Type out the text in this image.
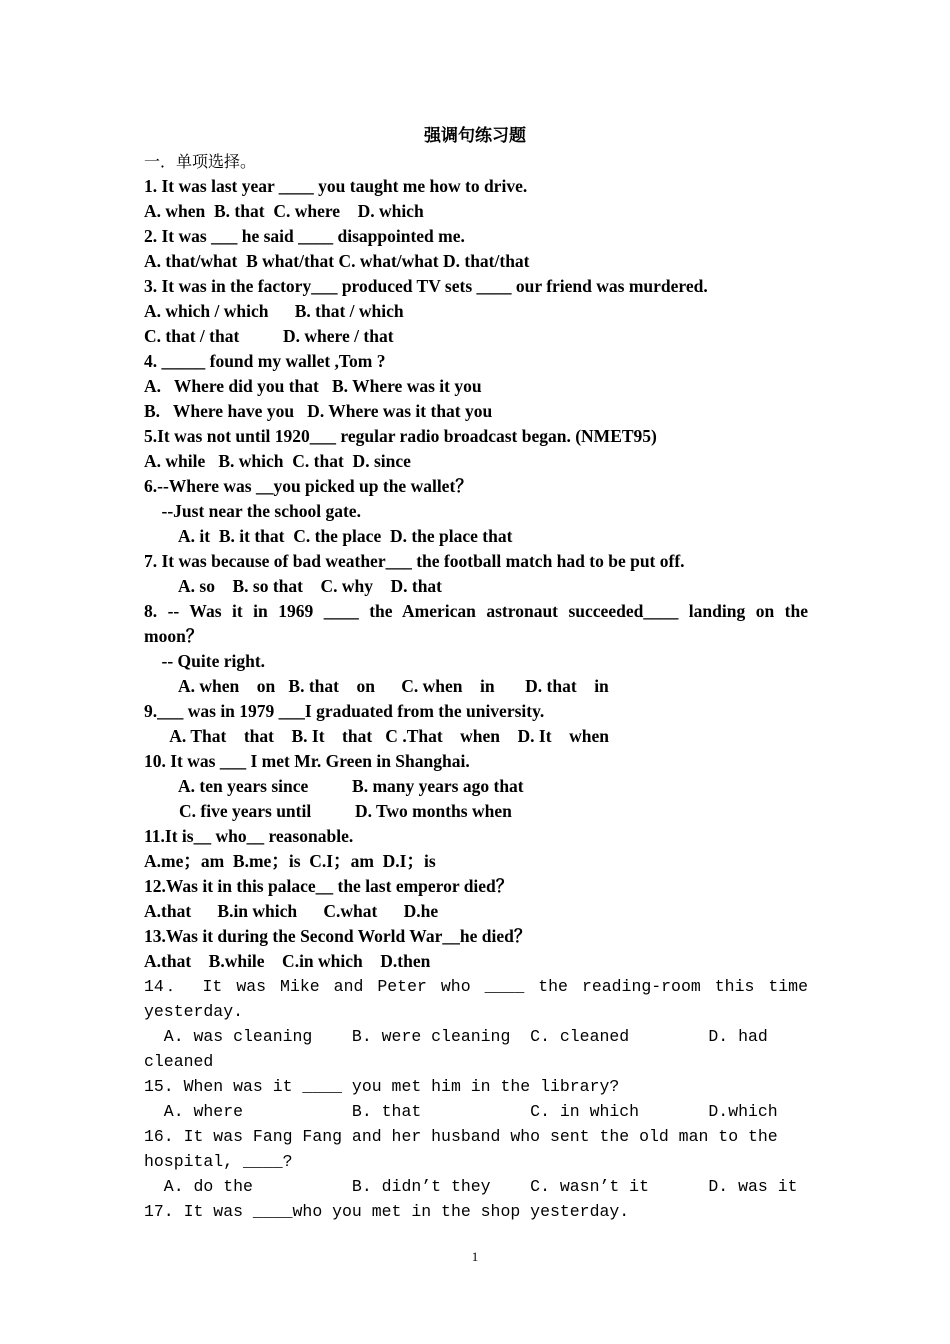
强调句练习题
一．单项选择。
1. It was last year ____ you taught me how to drive.
A. when  B. that  C. where    D. which
2. It was ___ he said ____ disappointed me.
A. that/what  B what/that C. what/what D. that/that
3. It was in the factory___ produced TV sets ____ our friend was murdered.
A. which / which      B. that / which
C. that / that          D. where / that
4. _____ found my wallet ,Tom ?
A.   Where did you that   B. Where was it you
B.   Where have you   D. Where was it that you
5.It was not until 1920___ regular radio broadcast began. (NMET95)
A. while   B. which  C. that  D. since
6.--Where was __you picked up the wallet？
--Just near the school gate.
A. it  B. it that  C. the place  D. the place that
7. It was because of bad weather___ the football match had to be put off.
A. so    B. so that    C. why    D. that
8. -- Was it in 1969 ____ the American astronaut succeeded____ landing on the
moon？
-- Quite right.
A. when    on   B. that    on      C. when    in       D. that    in
9.___ was in 1979 ___I graduated from the university.
A. That    that    B. It    that   C .That    when    D. It    when
10. It was ___ I met Mr. Green in Shanghai.
A. ten years since          B. many years ago that
C. five years until          D. Two months when
11.It is__ who__ reasonable.
A.me；am  B.me；is  C.I；am  D.I；is
12.Was it in this palace__ the last emperor died？
A.that      B.in which      C.what      D.he
13.Was it during the Second World War__he died？
A.that    B.while    C.in which    D.then
14． It was Mike and Peter who ____ the reading-room this time
yesterday.
A. was cleaning    B. were cleaning  C. cleaned        D. had
cleaned
15. When was it ____ you met him in the library?
A. where           B. that           C. in which       D.which
16. It was Fang Fang and her husband who sent the old man to the
hospital, ____?
A. do the          B. didn’t they    C. wasn’t it      D. was it
17. It was ____who you met in the shop yesterday.
1
